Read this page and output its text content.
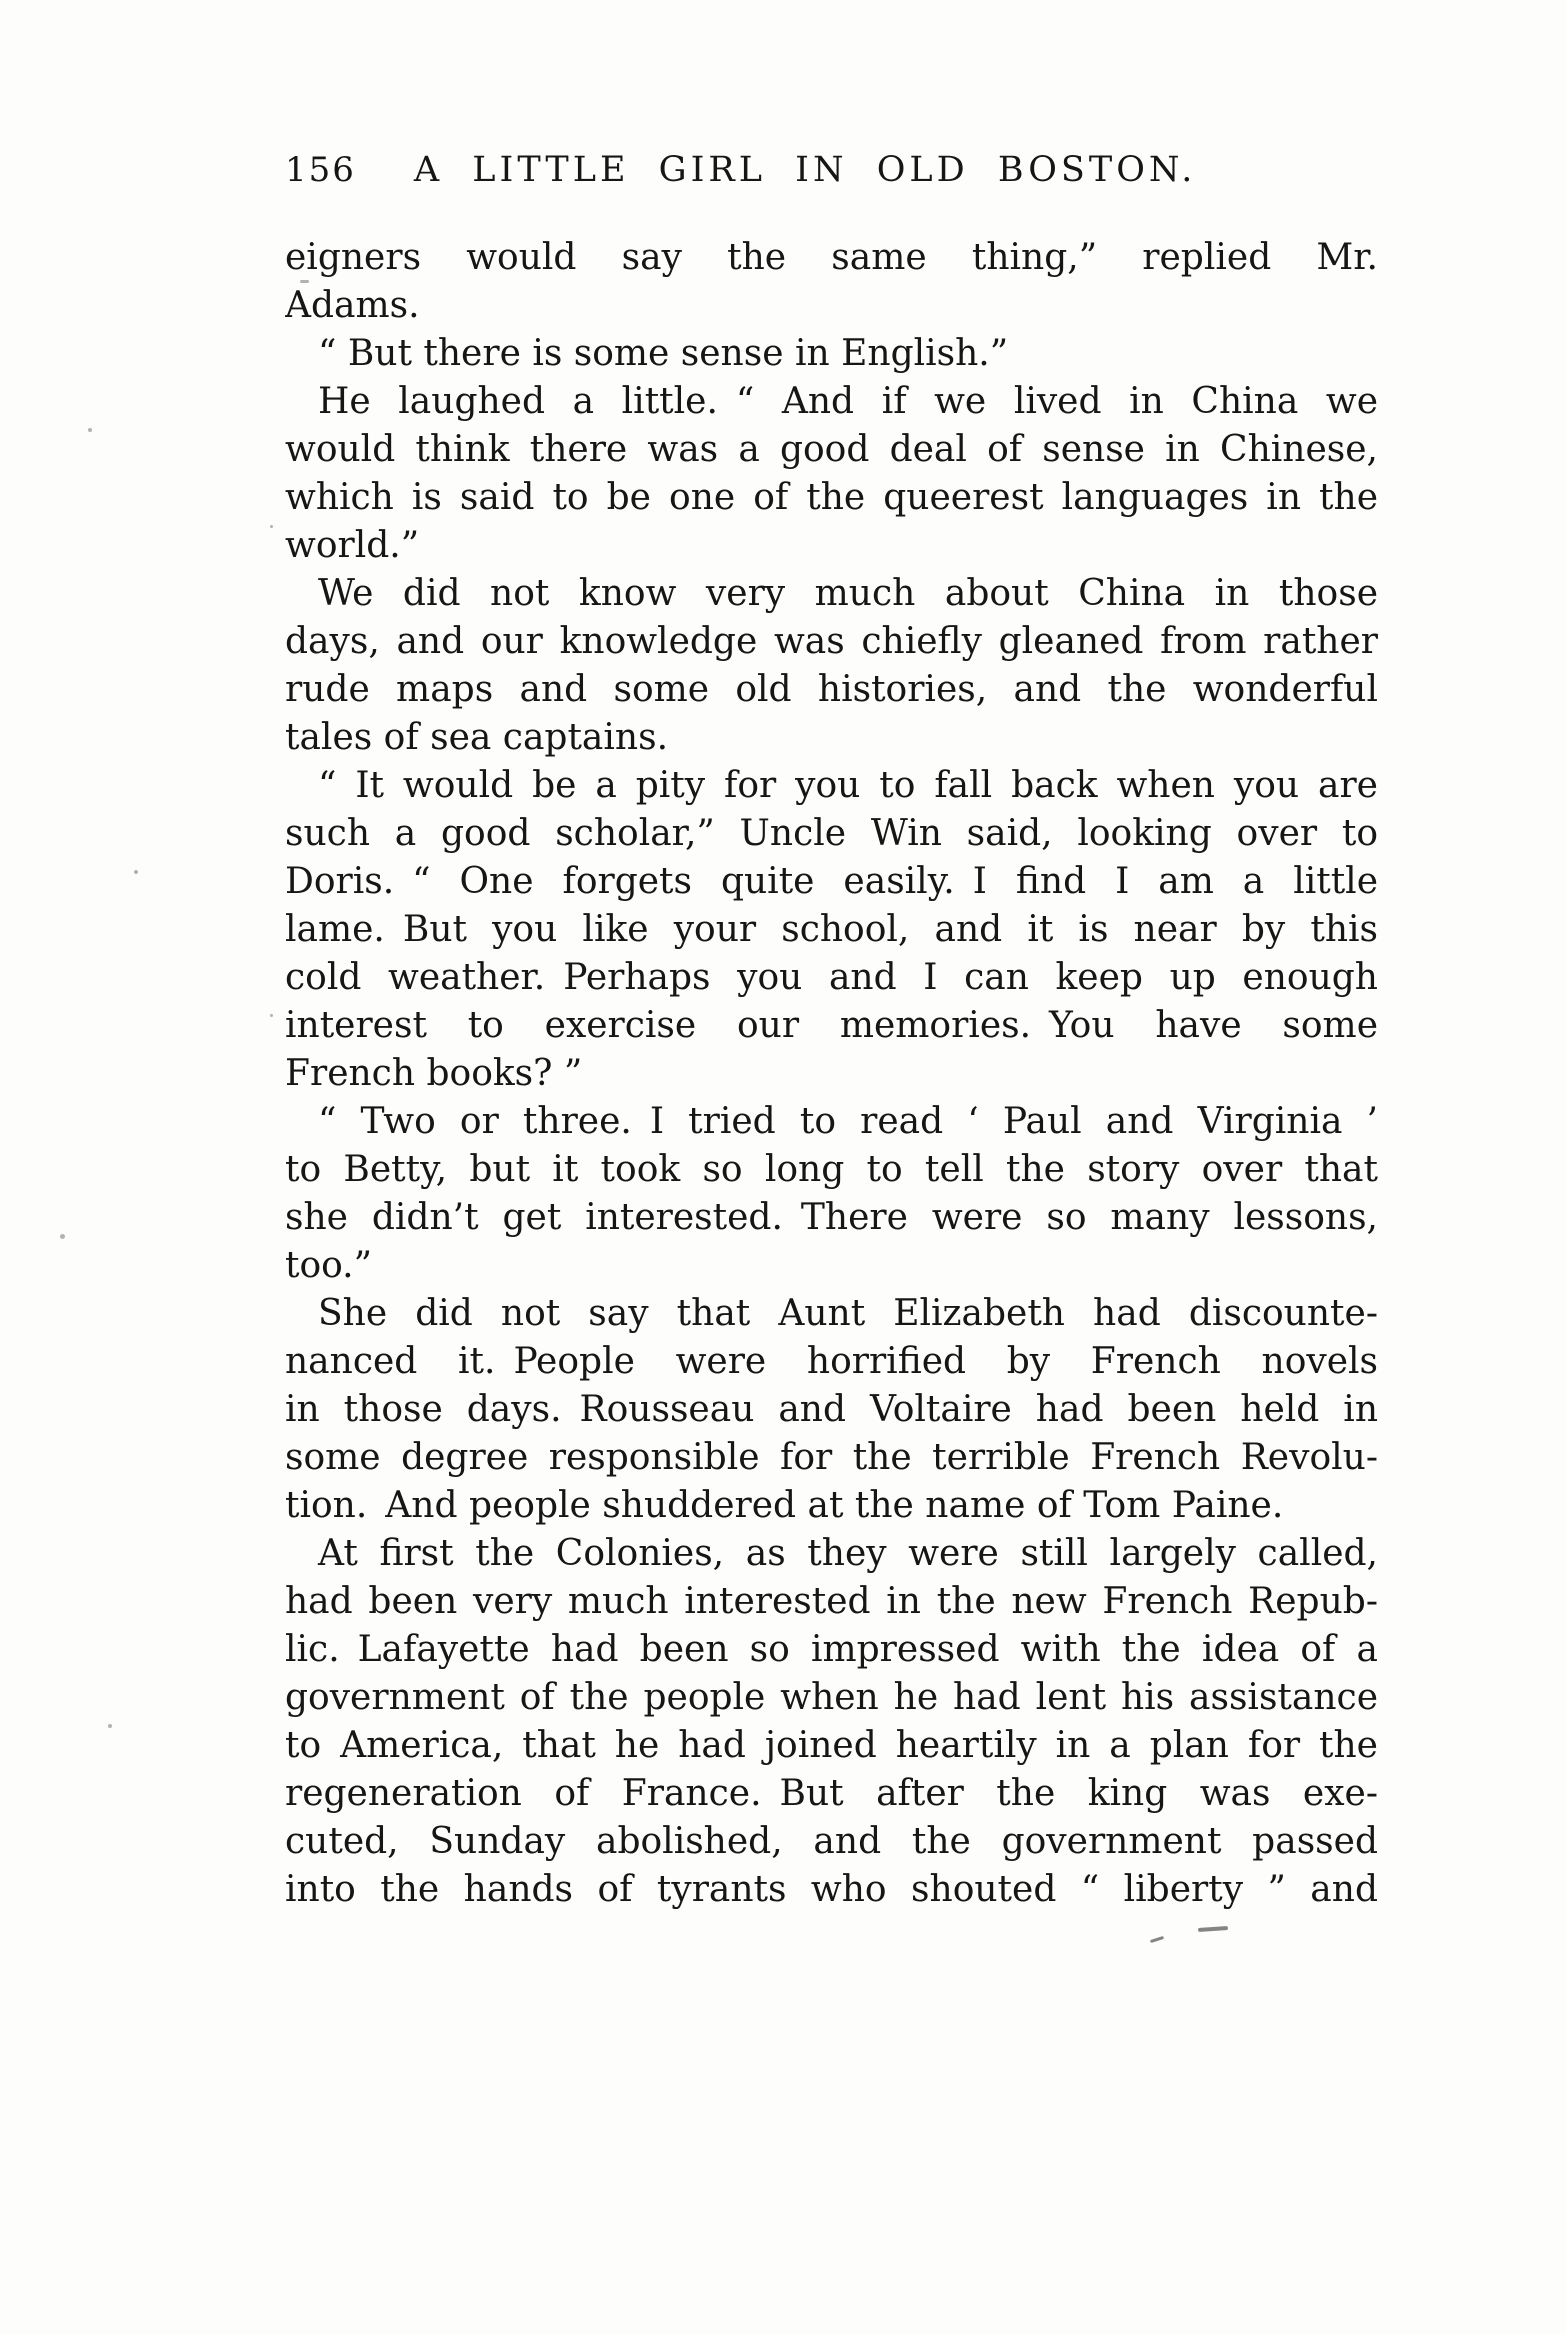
156 A LITTLE GIRL IN OLD BOSTON.
eigners would say the same thing,” replied Mr.
Adams.
“ But there is some sense in English.”
He laughed a little. “ And if we lived in China we
would think there was a good deal of sense in Chinese,
which is said to be one of the queerest languages in the
world.”
We did not know very much about China in those
days, and our knowledge was chiefly gleaned from rather
rude maps and some old histories, and the wonderful
tales of sea captains.
“ It would be a pity for you to fall back when you are
such a good scholar,” Uncle Win said, looking over to
Doris. “ One forgets quite easily. I find I am a little
lame. But you like your school, and it is near by this
cold weather. Perhaps you and I can keep up enough
interest to exercise our memories. You have some
French books? ”
“ Two or three. I tried to read ‘ Paul and Virginia ’
to Betty, but it took so long to tell the story over that
she didn’t get interested. There were so many lessons,
too.”
She did not say that Aunt Elizabeth had discounte-
nanced it. People were horrified by French novels
in those days. Rousseau and Voltaire had been held in
some degree responsible for the terrible French Revolu-
tion. And people shuddered at the name of Tom Paine.
At first the Colonies, as they were still largely called,
had been very much interested in the new French Repub-
lic. Lafayette had been so impressed with the idea of a
government of the people when he had lent his assistance
to America, that he had joined heartily in a plan for the
regeneration of France. But after the king was exe-
cuted, Sunday abolished, and the government passed
into the hands of tyrants who shouted “ liberty ” and
